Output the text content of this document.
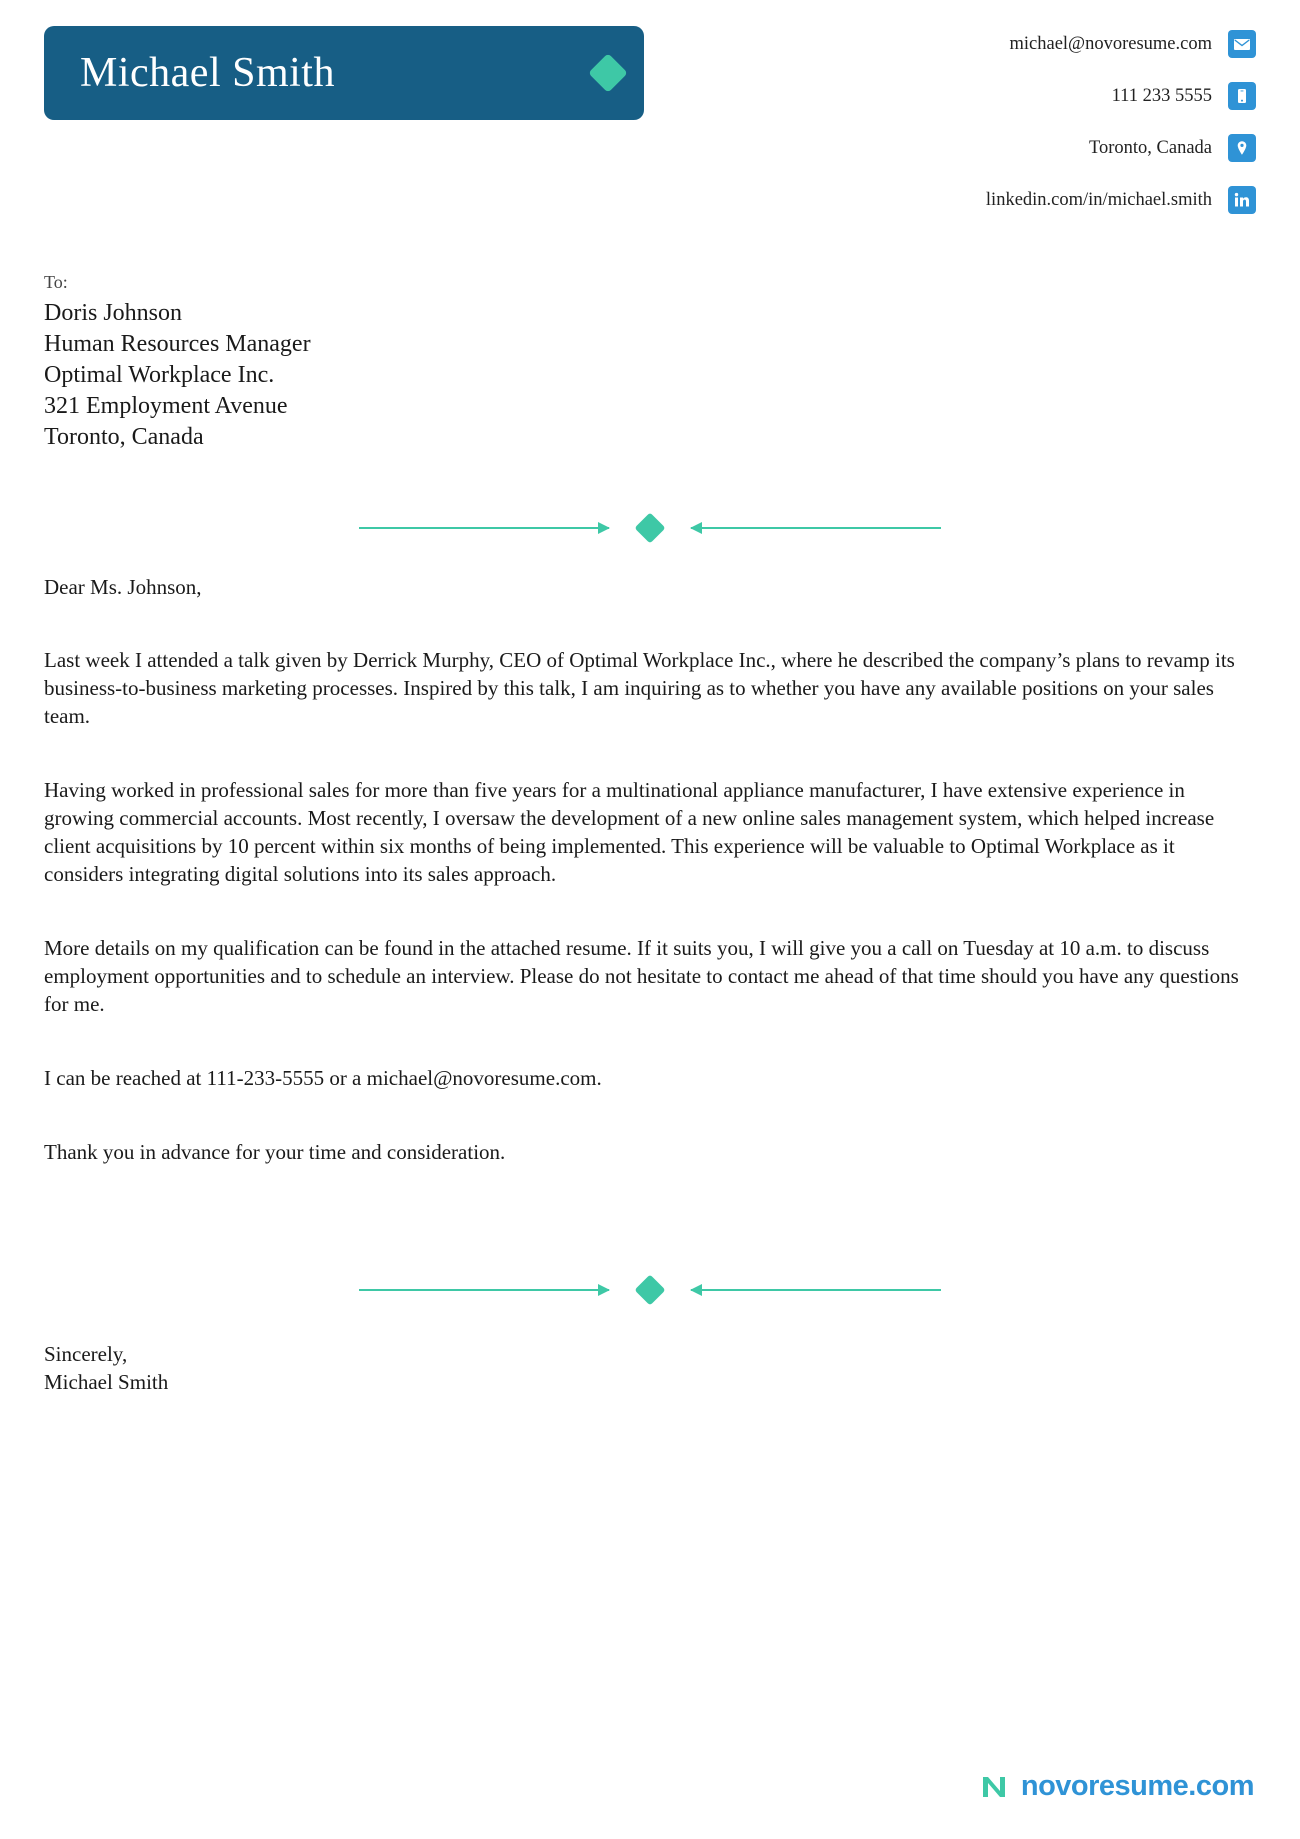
Michael Smith
michael@novoresume.com
111 233 5555
Toronto, Canada
linkedin.com/in/michael.smith
To:
Doris Johnson
Human Resources Manager
Optimal Workplace Inc.
321 Employment Avenue
Toronto, Canada
Dear Ms. Johnson,
Last week I attended a talk given by Derrick Murphy, CEO of Optimal Workplace Inc., where he described the company’s plans to revamp its business-to-business marketing processes. Inspired by this talk, I am inquiring as to whether you have any available positions on your sales team.
Having worked in professional sales for more than five years for a multinational appliance manufacturer, I have extensive experience in growing commercial accounts. Most recently, I oversaw the development of a new online sales management system, which helped increase client acquisitions by 10 percent within six months of being implemented. This experience will be valuable to Optimal Workplace as it considers integrating digital solutions into its sales approach.
More details on my qualification can be found in the attached resume. If it suits you, I will give you a call on Tuesday at 10 a.m. to discuss employment opportunities and to schedule an interview. Please do not hesitate to contact me ahead of that time should you have any questions for me.
I can be reached at 111-233-5555 or a michael@novoresume.com.
Thank you in advance for your time and consideration.
Sincerely,
Michael Smith
novoresume.com
